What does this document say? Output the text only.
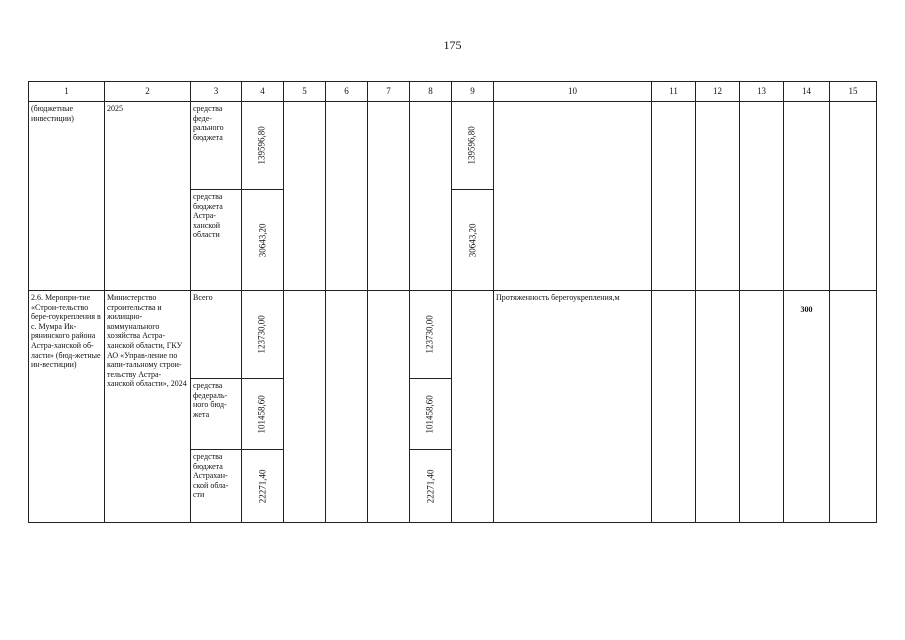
175
1	2	3	4	5	6	7	8	9	10	11	12	13	14	15
(бюджетные инвестиции)	2025	средства феде-рального бюджета	139596,80					139596,80						

		средства бюджета Астра-ханской области	30643,20					30643,20						

2.6. Меропри-тие «Строи-тельство бере-гоукрепления в с. Мумра Ик-рянинского района Астра-ханской об-ласти» (бюд-жетные ин-вестиции)	Министерство строительства и жилищно-коммунального хозяйства Астра-ханской области, ГКУ АО «Управ-ление по капи-тальному строи-тельству Астра-ханской области», 2024	Всего	123730,00				123730,00		Протяженность берегоукрепления,м				300	
		средства федераль-ного бюд-жета	101458,60				101458,60							

		средства бюджета Астрахан-ской обла-сти	22271,40				22271,40							
